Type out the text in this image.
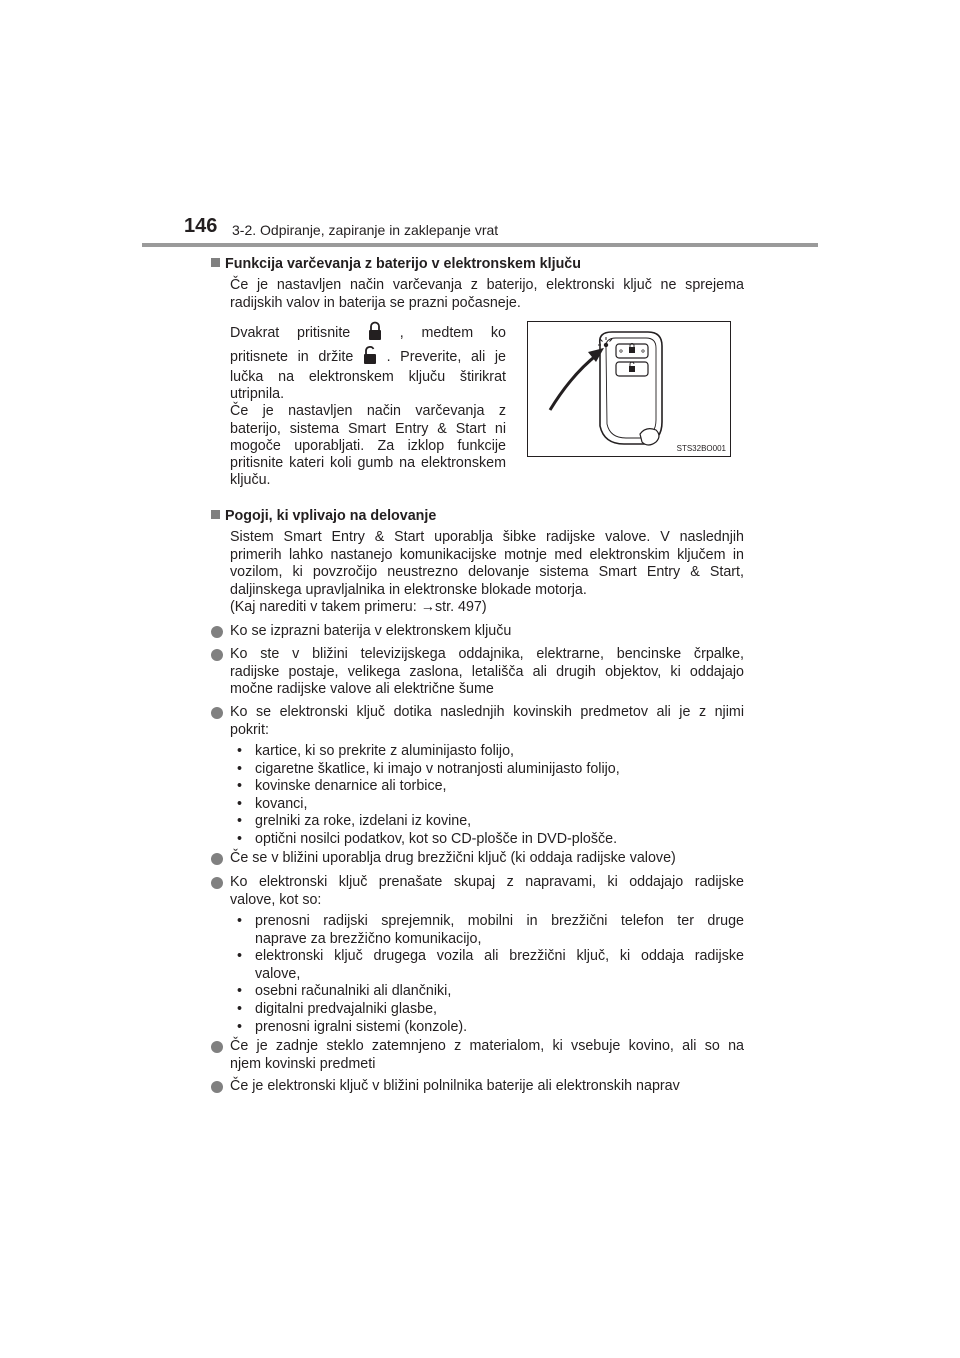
146 3-2. Odpiranje, zapiranje in zaklepanje vrat
Funkcija varčevanja z baterijo v elektronskem ključu
Če je nastavljen način varčevanja z baterijo, elektronski ključ ne sprejema
radijskih valov in baterija se prazni počasneje.
Dvakrat pritisnite	, medtem ko
pritisnete in držite . Preverite, ali je
lučka na elektronskem ključu štirikrat
utripnila.
Če je nastavljen način varčevanja z
baterijo, sistema Smart Entry & Start ni
mogoče uporabljati. Za izklop funkcije
pritisnite kateri koli gumb na elektronskem
ključu.
STS32BO001
Pogoji, ki vplivajo na delovanje
Sistem Smart Entry & Start uporablja šibke radijske valove. V naslednjih
primerih lahko nastanejo komunikacijske motnje med elektronskim ključem in
vozilom, ki povzročijo neustrezno delovanje sistema Smart Entry & Start,
daljinskega upravljalnika in elektronske blokade motorja.
(Kaj narediti v takem primeru: →str. 497)
Ko se izprazni baterija v elektronskem ključu
Ko ste v bližini televizijskega oddajnika, elektrarne, bencinske črpalke,
radijske postaje, velikega zaslona, letališča ali drugih objektov, ki oddajajo
močne radijske valove ali električne šume
Ko se elektronski ključ dotika naslednjih kovinskih predmetov ali je z njimi
pokrit:
• kartice, ki so prekrite z aluminijasto folijo,
• cigaretne škatlice, ki imajo v notranjosti aluminijasto folijo,
• kovinske denarnice ali torbice,
• kovanci,
• grelniki za roke, izdelani iz kovine,
• optični nosilci podatkov, kot so CD-plošče in DVD-plošče.
Če se v bližini uporablja drug brezžični ključ (ki oddaja radijske valove)
Ko elektronski ključ prenašate skupaj z napravami, ki oddajajo radijske
valove, kot so:
• prenosni radijski sprejemnik, mobilni in brezžični telefon ter druge
naprave za brezžično komunikacijo,
• elektronski ključ drugega vozila ali brezžični ključ, ki oddaja radijske
valove,
• osebni računalniki ali dlančniki,
• digitalni predvajalniki glasbe,
• prenosni igralni sistemi (konzole).
Če je zadnje steklo zatemnjeno z materialom, ki vsebuje kovino, ali so na
njem kovinski predmeti
Če je elektronski ključ v bližini polnilnika baterije ali elektronskih naprav
